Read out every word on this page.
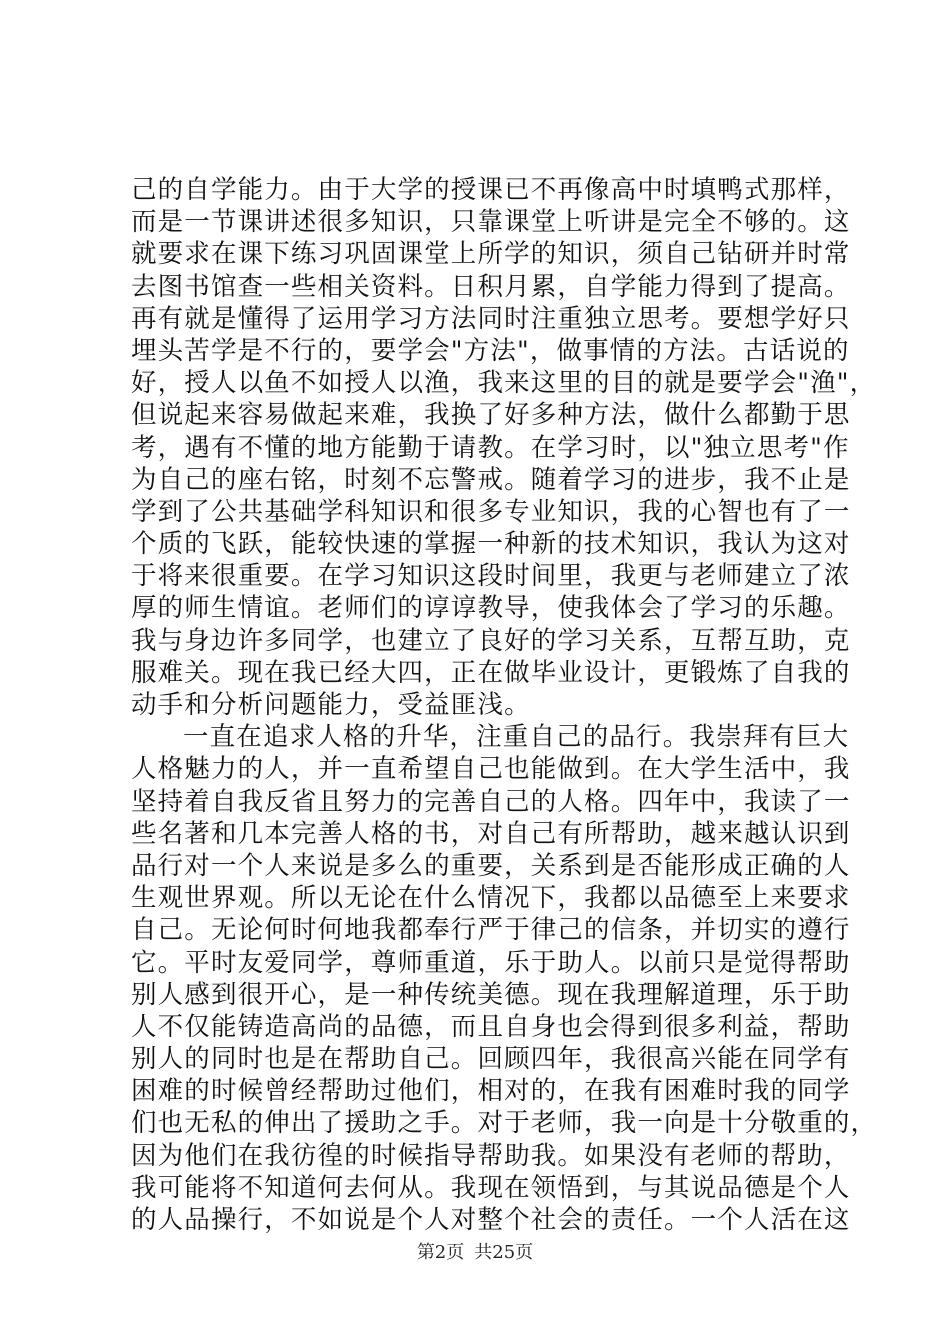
己的自学能力。由于大学的授课已不再像高中时填鸭式那样，
而是一节课讲述很多知识，只靠课堂上听讲是完全不够的。这
就要求在课下练习巩固课堂上所学的知识，须自己钻研并时常
去图书馆查一些相关资料。日积月累，自学能力得到了提高。
再有就是懂得了运用学习方法同时注重独立思考。要想学好只
埋头苦学是不行的，要学会"方法"，做事情的方法。古话说的
好，授人以鱼不如授人以渔，我来这里的目的就是要学会"渔"，
但说起来容易做起来难，我换了好多种方法，做什么都勤于思
考，遇有不懂的地方能勤于请教。在学习时，以"独立思考"作
为自己的座右铭，时刻不忘警戒。随着学习的进步，我不止是
学到了公共基础学科知识和很多专业知识，我的心智也有了一
个质的飞跃，能较快速的掌握一种新的技术知识，我认为这对
于将来很重要。在学习知识这段时间里，我更与老师建立了浓
厚的师生情谊。老师们的谆谆教导，使我体会了学习的乐趣。
我与身边许多同学，也建立了良好的学习关系，互帮互助，克
服难关。现在我已经大四，正在做毕业设计，更锻炼了自我的
动手和分析问题能力，受益匪浅。
一直在追求人格的升华，注重自己的品行。我崇拜有巨大
人格魅力的人，并一直希望自己也能做到。在大学生活中，我
坚持着自我反省且努力的完善自己的人格。四年中，我读了一
些名著和几本完善人格的书，对自己有所帮助，越来越认识到
品行对一个人来说是多么的重要，关系到是否能形成正确的人
生观世界观。所以无论在什么情况下，我都以品德至上来要求
自己。无论何时何地我都奉行严于律己的信条，并切实的遵行
它。平时友爱同学，尊师重道，乐于助人。以前只是觉得帮助
别人感到很开心，是一种传统美德。现在我理解道理，乐于助
人不仅能铸造高尚的品德，而且自身也会得到很多利益，帮助
别人的同时也是在帮助自己。回顾四年，我很高兴能在同学有
困难的时候曾经帮助过他们，相对的，在我有困难时我的同学
们也无私的伸出了援助之手。对于老师，我一向是十分敬重的，
因为他们在我彷徨的时候指导帮助我。如果没有老师的帮助，
我可能将不知道何去何从。我现在领悟到，与其说品德是个人
的人品操行，不如说是个人对整个社会的责任。一个人活在这
第2页 共25页
